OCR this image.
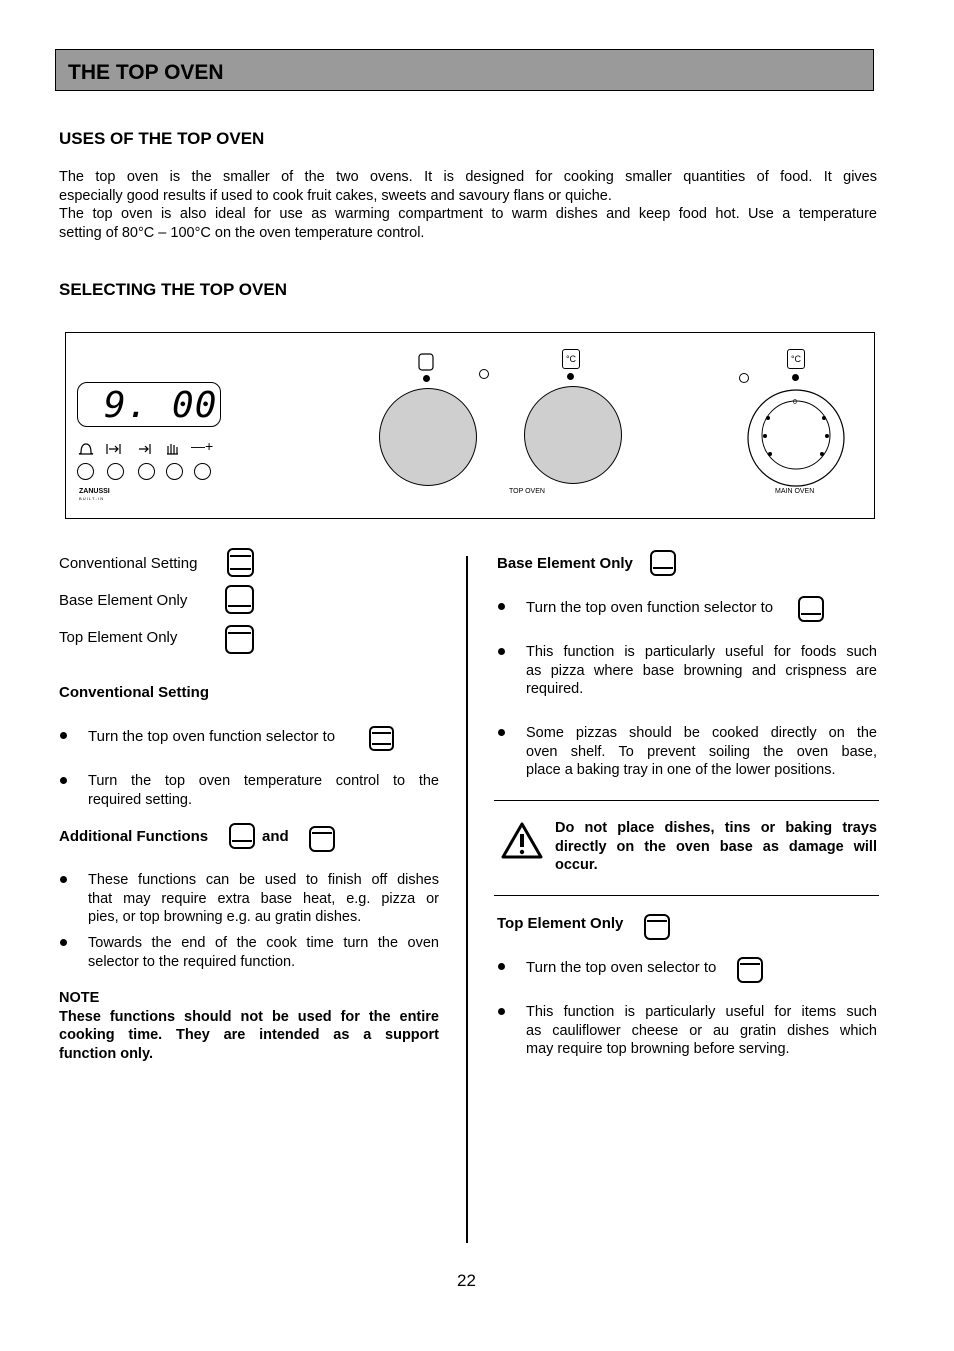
THE TOP OVEN
USES OF THE TOP OVEN
The top oven is the smaller of the two ovens. It is designed for cooking smaller quantities of food. It gives
especially good results if used to cook fruit cakes, sweets and savoury flans or quiche.
The top oven is also ideal for use as warming compartment to warm dishes and keep food hot. Use a temperature
setting of 80°C – 100°C on the oven temperature control.
SELECTING THE TOP OVEN
9. 00
—+
ZANUSSI
B U I L T - I N
°C
TOP OVEN
°C
0
MAIN OVEN
Conventional Setting
Base Element Only
Top Element Only
Conventional Setting
Turn the top oven function selector to
Turn the top oven temperature control to the
required setting.
Additional Functions	and
These functions can be used to finish off dishes
that may require extra base heat, e.g. pizza or
pies, or top browning e.g. au gratin dishes.
Towards the end of the cook time turn the oven
selector to the required function.
NOTE
These functions should not be used for the entire
cooking time. They are intended as a support
function only.
Base Element Only
Turn the top oven function selector to
This function is particularly useful for foods such
as pizza where base browning and crispness are
required.
Some pizzas should be cooked directly on the
oven shelf. To prevent soiling the oven base,
place a baking tray in one of the lower positions.
Do not place dishes, tins or baking trays
directly on the oven base as damage will
occur.
Top Element Only
Turn the top oven selector to
This function is particularly useful for items such
as cauliflower cheese or au gratin dishes which
may require top browning before serving.
22
